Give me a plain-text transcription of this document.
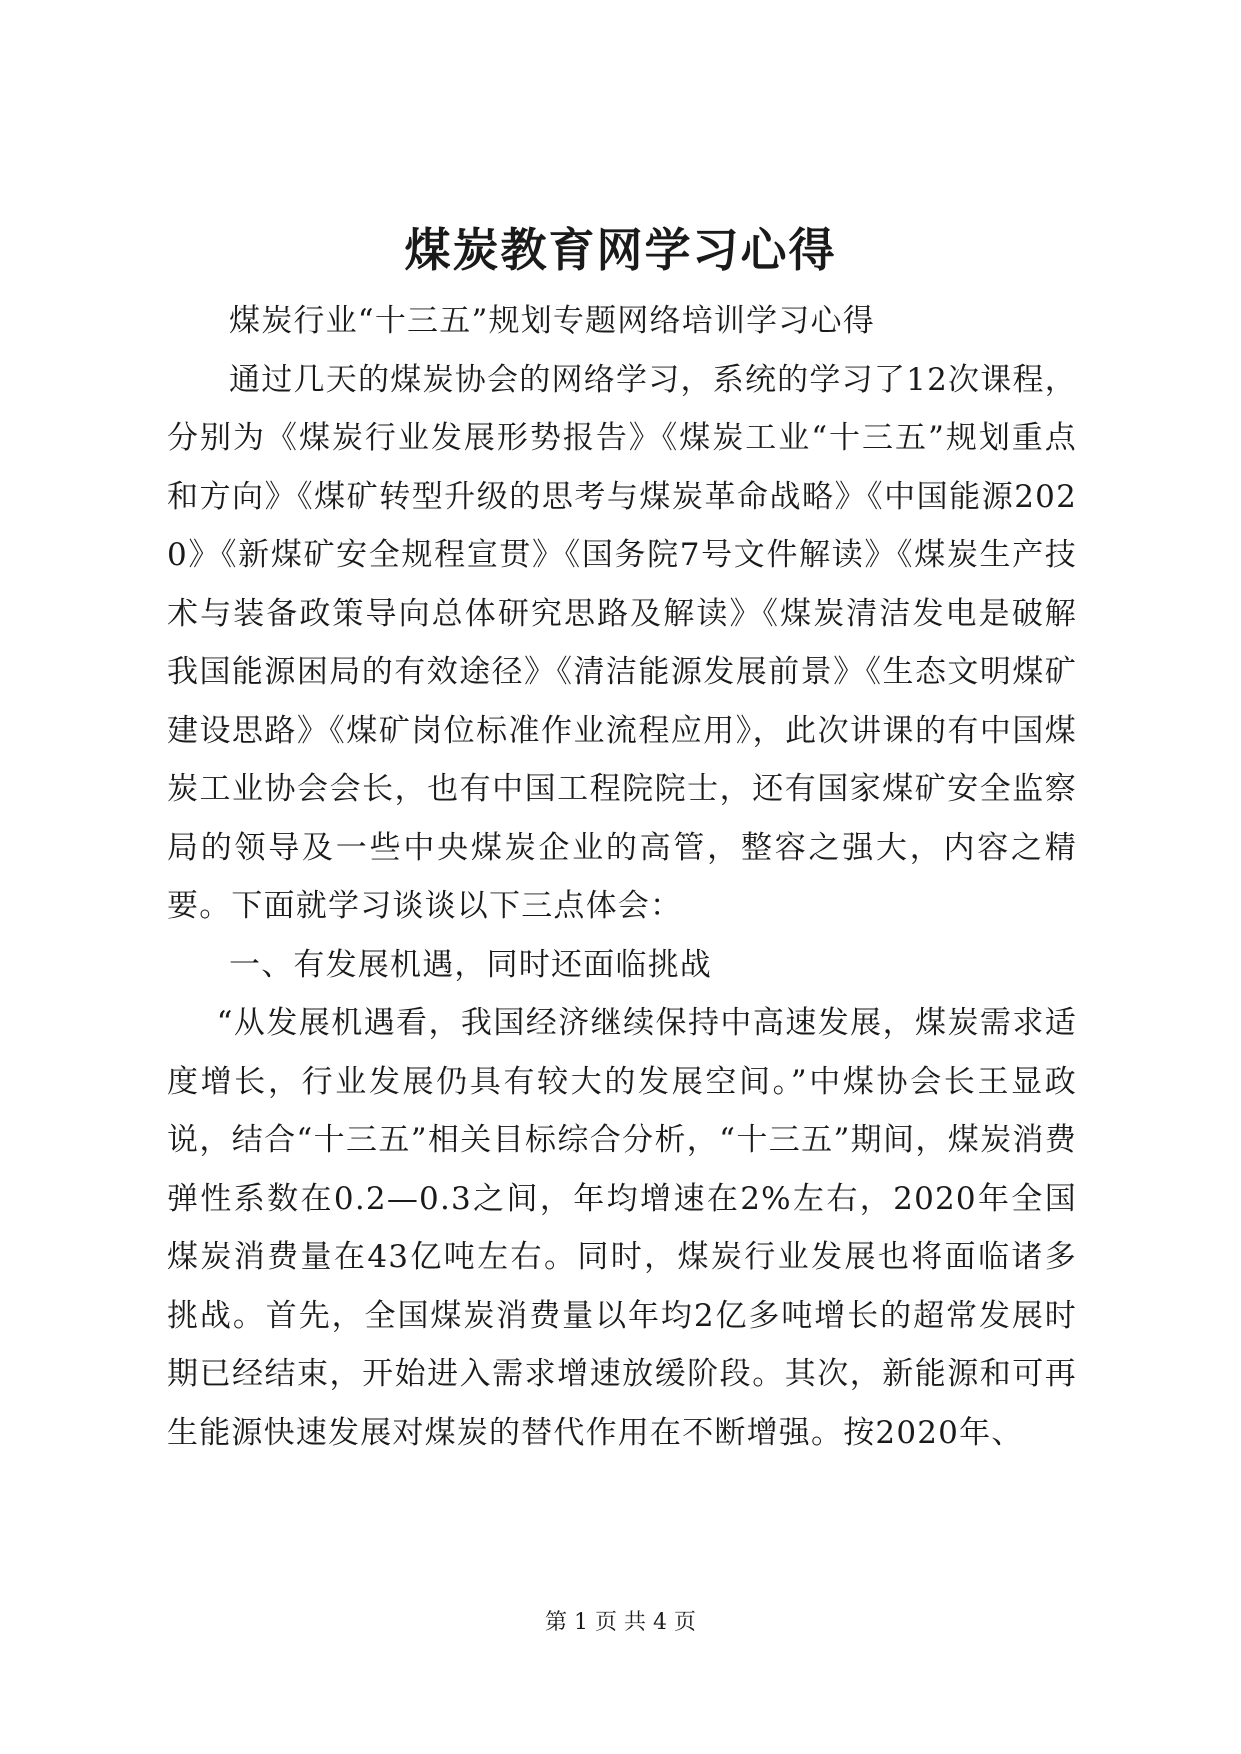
煤炭教育网学习心得

煤炭行业“十三五”规划专题网络培训学习心得

通过几天的煤炭协会的网络学习，系统的学习了12次课程，分别为《煤炭行业发展形势报告》《煤炭工业“十三五”规划重点和方向》《煤矿转型升级的思考与煤炭革命战略》《中国能源2020》《新煤矿安全规程宣贯》《国务院7号文件解读》《煤炭生产技术与装备政策导向总体研究思路及解读》《煤炭清洁发电是破解我国能源困局的有效途径》《清洁能源发展前景》《生态文明煤矿建设思路》《煤矿岗位标准作业流程应用》，此次讲课的有中国煤炭工业协会会长，也有中国工程院院士，还有国家煤矿安全监察局的领导及一些中央煤炭企业的高管，整容之强大，内容之精要。下面就学习谈谈以下三点体会：

一、有发展机遇，同时还面临挑战

“从发展机遇看，我国经济继续保持中高速发展，煤炭需求适度增长，行业发展仍具有较大的发展空间。”中煤协会长王显政说，结合“十三五”相关目标综合分析，“十三五”期间，煤炭消费弹性系数在0.2—0.3之间，年均增速在2%左右，2020年全国煤炭消费量在43亿吨左右。同时，煤炭行业发展也将面临诸多挑战。首先，全国煤炭消费量以年均2亿多吨增长的超常发展时期已经结束，开始进入需求增速放缓阶段。其次，新能源和可再生能源快速发展对煤炭的替代作用在不断增强。按2020年、

第 1 页 共 4 页
